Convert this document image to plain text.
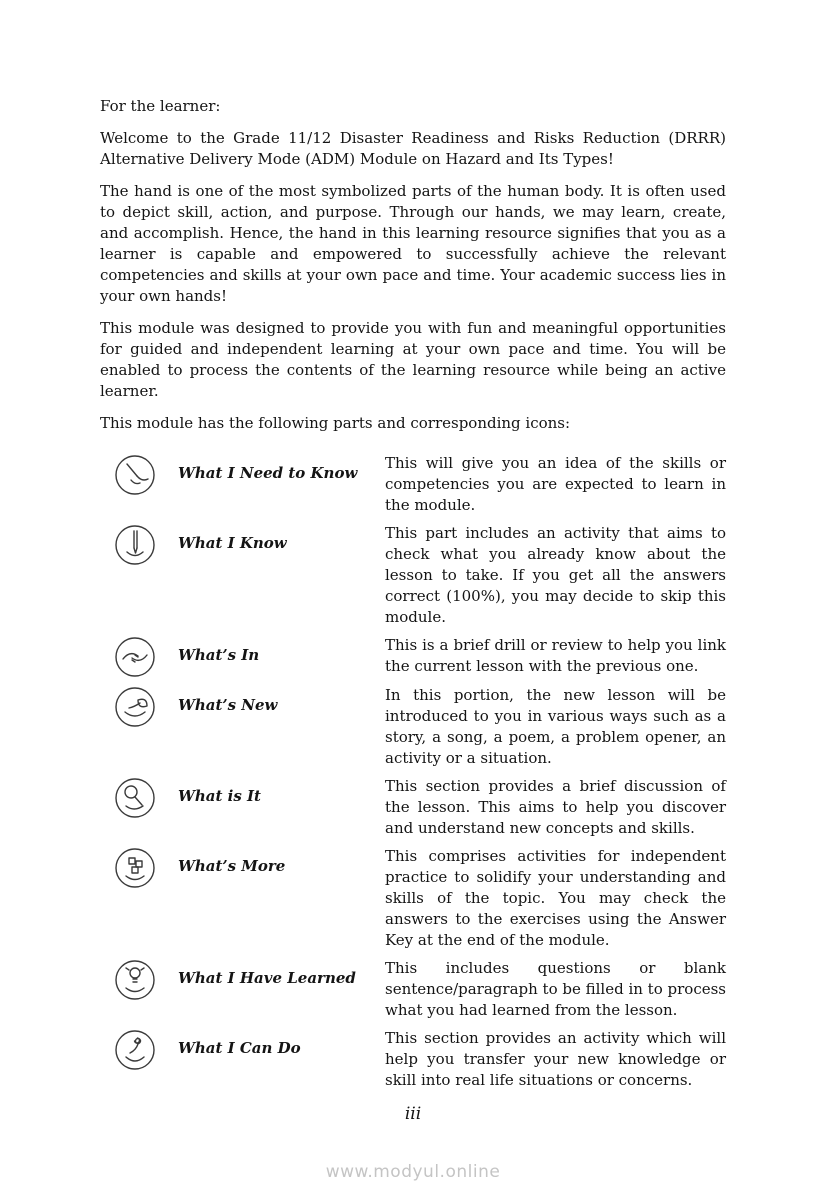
For the learner:

Welcome to the Grade 11/12 Disaster Readiness and Risks Reduction (DRRR) Alternative Delivery Mode (ADM) Module on Hazard and Its Types!

The hand is one of the most symbolized parts of the human body. It is often used to depict skill, action, and purpose. Through our hands, we may learn, create, and accomplish. Hence, the hand in this learning resource signifies that you as a learner is capable and empowered to successfully achieve the relevant competencies and skills at your own pace and time. Your academic success lies in your own hands!

This module was designed to provide you with fun and meaningful opportunities for guided and independent learning at your own pace and time. You will be enabled to process the contents of the learning resource while being an active learner.

This module has the following parts and corresponding icons:

What I Need to Know
This will give you an idea of the skills or competencies you are expected to learn in the module.
What I Know
This part includes an activity that aims to check what you already know about the lesson to take. If you get all the answers correct (100%), you may decide to skip this module.
What’s In
This is a brief drill or review to help you link the current lesson with the previous one.
What’s New
In this portion, the new lesson will be introduced to you in various ways such as a story, a song, a poem, a problem opener, an activity or a situation.
What is It
This section provides a brief discussion of the lesson. This aims to help you discover and understand new concepts and skills.
What’s More
This comprises activities for independent practice to solidify your understanding and skills of the topic. You may check the answers to the exercises using the Answer Key at the end of the module.
What I Have Learned
This includes questions or blank sentence/paragraph to be filled in to process what you had learned from the lesson.
What I Can Do
This section provides an activity which will help you transfer your new knowledge or skill into real life situations or concerns.
iii
www.modyul.online
